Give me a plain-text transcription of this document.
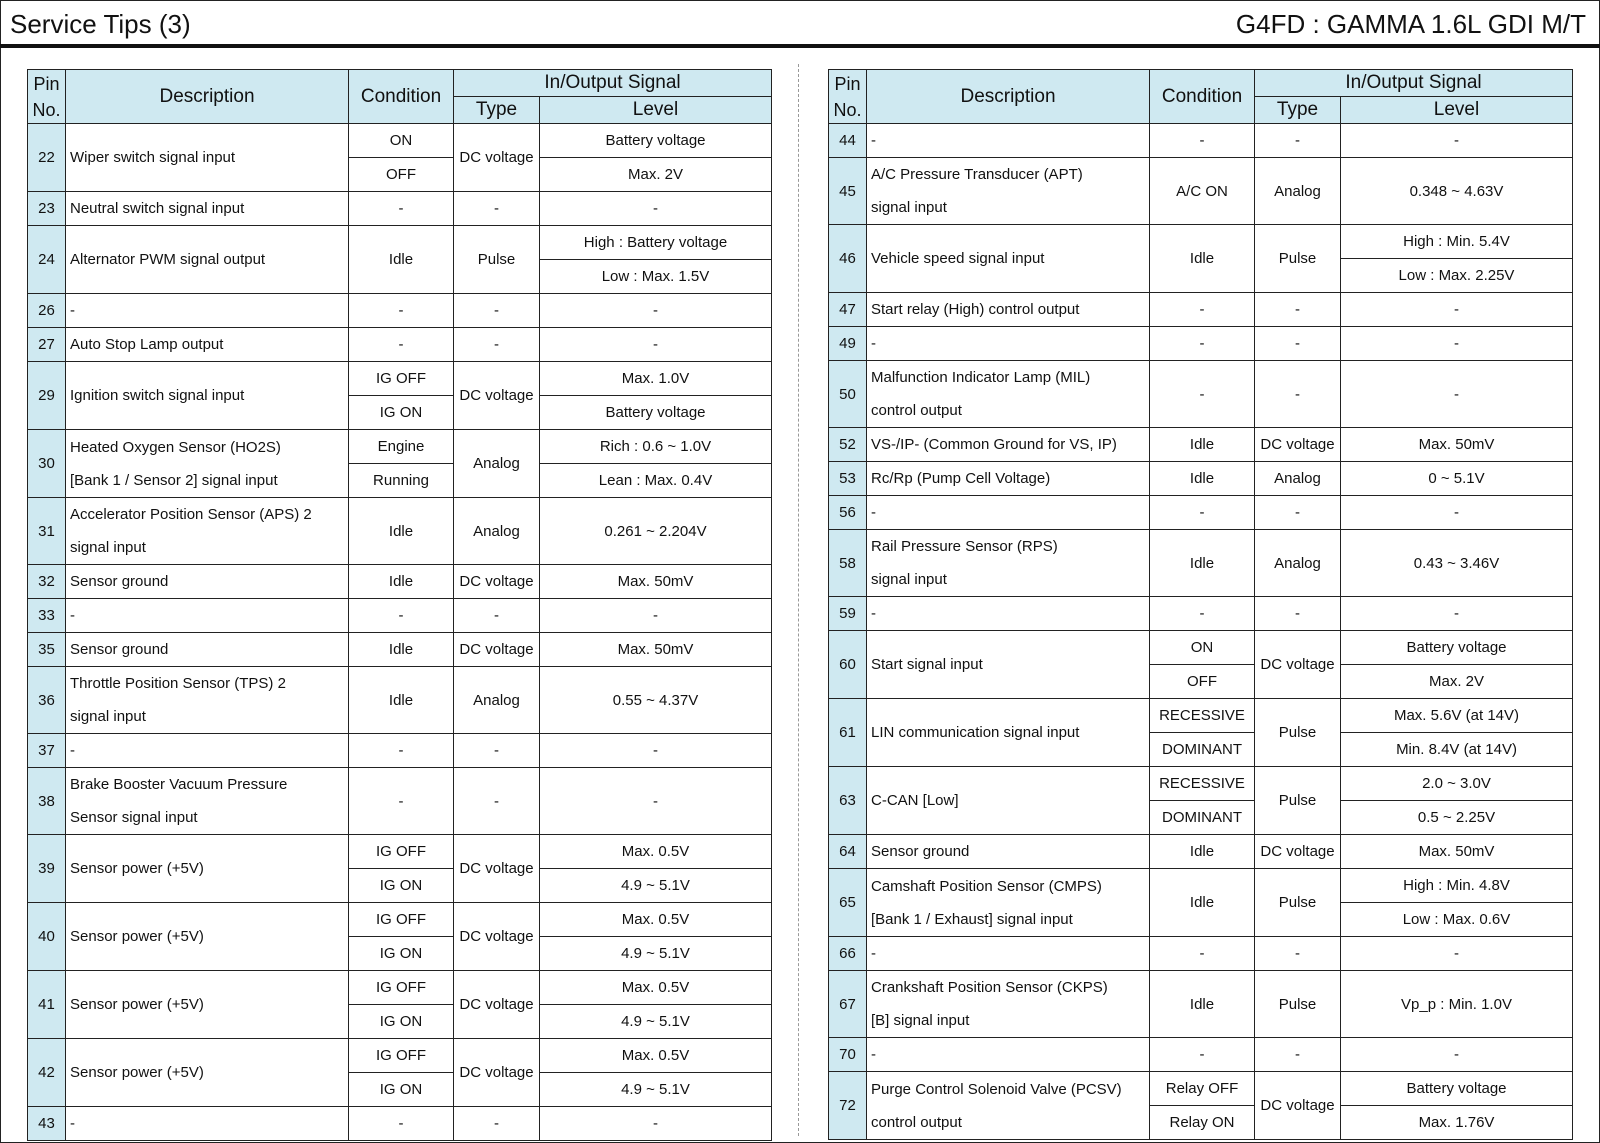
Service Tips (3)	G4FD : GAMMA 1.6L GDI M/T
Pin
No.	Description	Condition	In/Output Signal	
			Type	Level
22	Wiper switch signal input	ON	DC voltage	Battery voltage
		OFF		Max. 2V
23	Neutral switch signal input	-	-	-
24	Alternator PWM signal output	Idle	Pulse	High : Battery voltage
				Low : Max. 1.5V
26	-	-	-	-
27	Auto Stop Lamp output	-	-	-
29	Ignition switch signal input	IG OFF	DC voltage	Max. 1.0V
		IG ON		Battery voltage
30	Heated Oxygen Sensor (HO2S)
[Bank 1 / Sensor 2] signal input	Engine	Analog	Rich : 0.6 ~ 1.0V
		Running		Lean : Max. 0.4V
31	Accelerator Position Sensor (APS) 2
signal input	Idle	Analog	0.261 ~ 2.204V
32	Sensor ground	Idle	DC voltage	Max. 50mV
33	-	-	-	-
35	Sensor ground	Idle	DC voltage	Max. 50mV
36	Throttle Position Sensor (TPS) 2
signal input	Idle	Analog	0.55 ~ 4.37V
37	-	-	-	-
38	Brake Booster Vacuum Pressure
Sensor signal input	-	-	-
39	Sensor power (+5V)	IG OFF	DC voltage	Max. 0.5V
		IG ON		4.9 ~ 5.1V
40	Sensor power (+5V)	IG OFF	DC voltage	Max. 0.5V
		IG ON		4.9 ~ 5.1V
41	Sensor power (+5V)	IG OFF	DC voltage	Max. 0.5V
		IG ON		4.9 ~ 5.1V
42	Sensor power (+5V)	IG OFF	DC voltage	Max. 0.5V
		IG ON		4.9 ~ 5.1V
43	-	-	-	-
Pin
No.	Description	Condition	In/Output Signal	
			Type	Level
44	-	-	-	-
45	A/C Pressure Transducer (APT)
signal input	A/C ON	Analog	0.348 ~ 4.63V
46	Vehicle speed signal input	Idle	Pulse	High : Min. 5.4V
				Low : Max. 2.25V
47	Start relay (High) control output	-	-	-
49	-	-	-	-
50	Malfunction Indicator Lamp (MIL)
control output	-	-	-
52	VS-/IP- (Common Ground for VS, IP)	Idle	DC voltage	Max. 50mV
53	Rc/Rp (Pump Cell Voltage)	Idle	Analog	0 ~ 5.1V
56	-	-	-	-
58	Rail Pressure Sensor (RPS)
signal input	Idle	Analog	0.43 ~ 3.46V
59	-	-	-	-
60	Start signal input	ON	DC voltage	Battery voltage
		OFF		Max. 2V
61	LIN communication signal input	RECESSIVE	Pulse	Max. 5.6V (at 14V)
		DOMINANT		Min. 8.4V (at 14V)
63	C-CAN [Low]	RECESSIVE	Pulse	2.0 ~ 3.0V
		DOMINANT		0.5 ~ 2.25V
64	Sensor ground	Idle	DC voltage	Max. 50mV
65	Camshaft Position Sensor (CMPS)
[Bank 1 / Exhaust] signal input	Idle	Pulse	High : Min. 4.8V
				Low : Max. 0.6V
66	-	-	-	-
67	Crankshaft Position Sensor (CKPS)
[B] signal input	Idle	Pulse	Vp_p : Min. 1.0V
70	-	-	-	-
72	Purge Control Solenoid Valve (PCSV)
control output	Relay OFF	DC voltage	Battery voltage
		Relay ON		Max. 1.76V
